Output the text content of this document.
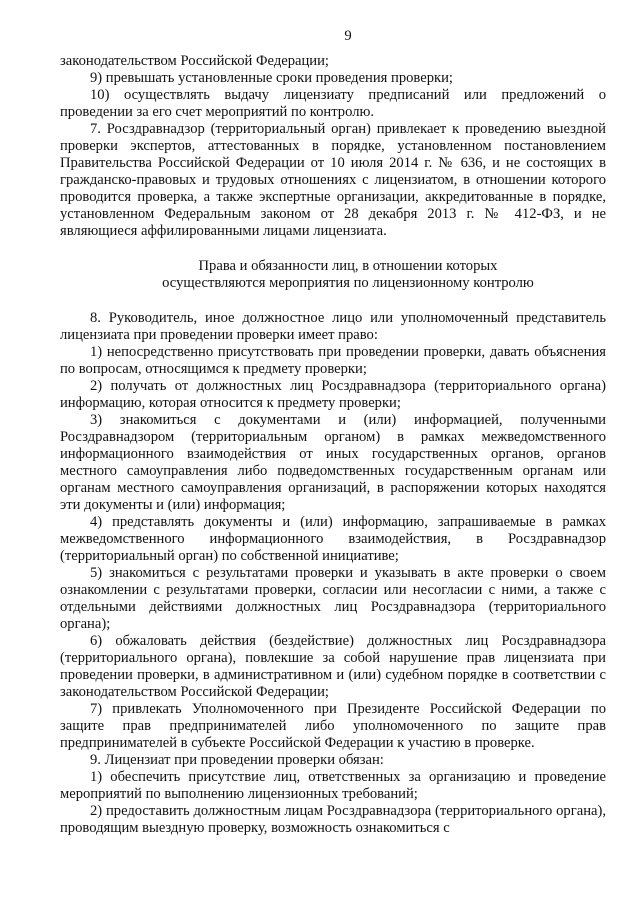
9

законодательством Российской Федерации;

9) превышать установленные сроки проведения проверки;

10) осуществлять выдачу лицензиату предписаний или предложений о проведении за его счет мероприятий по контролю.

7. Росздравнадзор (территориальный орган) привлекает к проведению выездной проверки экспертов, аттестованных в порядке, установленном постановлением Правительства Российской Федерации от 10 июля 2014 г. № 636, и не состоящих в гражданско-правовых и трудовых отношениях с лицензиатом, в отношении которого проводится проверка, а также экспертные организации, аккредитованные в порядке, установленном Федеральным законом от 28 декабря 2013 г. № 412-ФЗ, и не являющиеся аффилированными лицами лицензиата.

Права и обязанности лиц, в отношении которых
осуществляются мероприятия по лицензионному контролю

8. Руководитель, иное должностное лицо или уполномоченный представитель лицензиата при проведении проверки имеет право:

1) непосредственно присутствовать при проведении проверки, давать объяснения по вопросам, относящимся к предмету проверки;

2) получать от должностных лиц Росздравнадзора (территориального органа) информацию, которая относится к предмету проверки;

3) знакомиться с документами и (или) информацией, полученными Росздравнадзором (территориальным органом) в рамках межведомственного информационного взаимодействия от иных государственных органов, органов местного самоуправления либо подведомственных государственным органам или органам местного самоуправления организаций, в распоряжении которых находятся эти документы и (или) информация;

4) представлять документы и (или) информацию, запрашиваемые в рамках межведомственного информационного взаимодействия, в Росздравнадзор (территориальный орган) по собственной инициативе;

5) знакомиться с результатами проверки и указывать в акте проверки о своем ознакомлении с результатами проверки, согласии или несогласии с ними, а также с отдельными действиями должностных лиц Росздравнадзора (территориального органа);

6) обжаловать действия (бездействие) должностных лиц Росздравнадзора (территориального органа), повлекшие за собой нарушение прав лицензиата при проведении проверки, в административном и (или) судебном порядке в соответствии с законодательством Российской Федерации;

7) привлекать Уполномоченного при Президенте Российской Федерации по защите прав предпринимателей либо уполномоченного по защите прав предпринимателей в субъекте Российской Федерации к участию в проверке.

9. Лицензиат при проведении проверки обязан:

1) обеспечить присутствие лиц, ответственных за организацию и проведение мероприятий по выполнению лицензионных требований;

2) предоставить должностным лицам Росздравнадзора (территориального органа), проводящим выездную проверку, возможность ознакомиться с
